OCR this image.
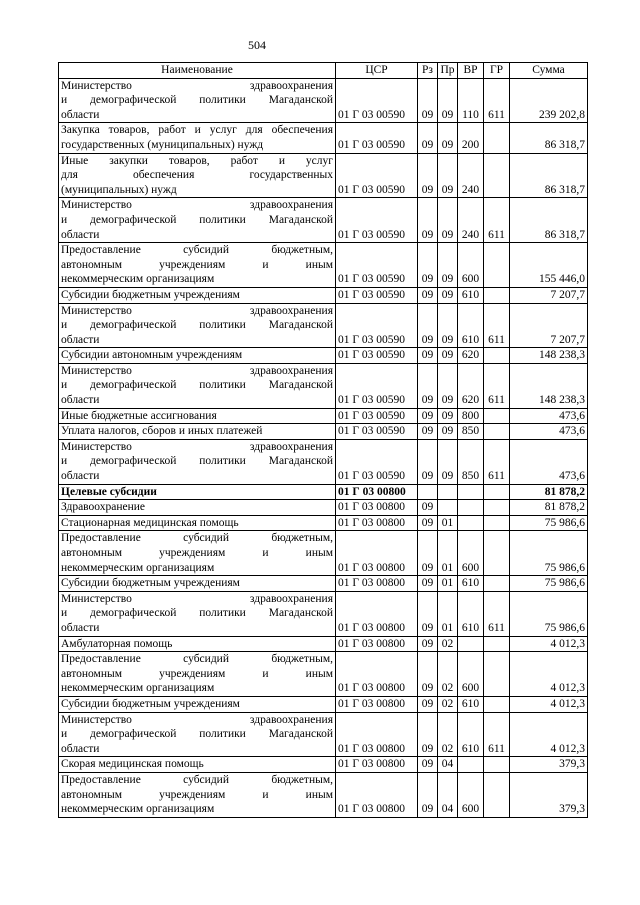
504
Наименование	ЦСР	Рз	Пр	ВР	ГР	Сумма

Министерство здравоохранения
и демографической политики Магаданской
области	01 Г 03 00590	09	09	110	611	239 202,8

Закупка товаров, работ и услуг для обеспечения
государственных (муниципальных) нужд	01 Г 03 00590	09	09	200		86 318,7

Иные закупки товаров, работ и услуг
для обеспечения государственных
(муниципальных) нужд	01 Г 03 00590	09	09	240		86 318,7

Министерство здравоохранения
и демографической политики Магаданской
области	01 Г 03 00590	09	09	240	611	86 318,7

Предоставление субсидий бюджетным,
автономным учреждениям и иным
некоммерческим организациям	01 Г 03 00590	09	09	600		155 446,0

Субсидии бюджетным учреждениям	01 Г 03 00590	09	09	610		7 207,7

Министерство здравоохранения
и демографической политики Магаданской
области	01 Г 03 00590	09	09	610	611	7 207,7

Субсидии автономным учреждениям	01 Г 03 00590	09	09	620		148 238,3

Министерство здравоохранения
и демографической политики Магаданской
области	01 Г 03 00590	09	09	620	611	148 238,3

Иные бюджетные ассигнования	01 Г 03 00590	09	09	800		473,6

Уплата налогов, сборов и иных платежей	01 Г 03 00590	09	09	850		473,6

Министерство здравоохранения
и демографической политики Магаданской
области	01 Г 03 00590	09	09	850	611	473,6

Целевые субсидии	01 Г 03 00800					81 878,2

Здравоохранение	01 Г 03 00800	09				81 878,2

Стационарная медицинская помощь	01 Г 03 00800	09	01			75 986,6

Предоставление субсидий бюджетным,
автономным учреждениям и иным
некоммерческим организациям	01 Г 03 00800	09	01	600		75 986,6

Субсидии бюджетным учреждениям	01 Г 03 00800	09	01	610		75 986,6

Министерство здравоохранения
и демографической политики Магаданской
области	01 Г 03 00800	09	01	610	611	75 986,6

Амбулаторная помощь	01 Г 03 00800	09	02			4 012,3

Предоставление субсидий бюджетным,
автономным учреждениям и иным
некоммерческим организациям	01 Г 03 00800	09	02	600		4 012,3

Субсидии бюджетным учреждениям	01 Г 03 00800	09	02	610		4 012,3

Министерство здравоохранения
и демографической политики Магаданской
области	01 Г 03 00800	09	02	610	611	4 012,3

Скорая медицинская помощь	01 Г 03 00800	09	04			379,3

Предоставление субсидий бюджетным,
автономным учреждениям и иным
некоммерческим организациям	01 Г 03 00800	09	04	600		379,3
